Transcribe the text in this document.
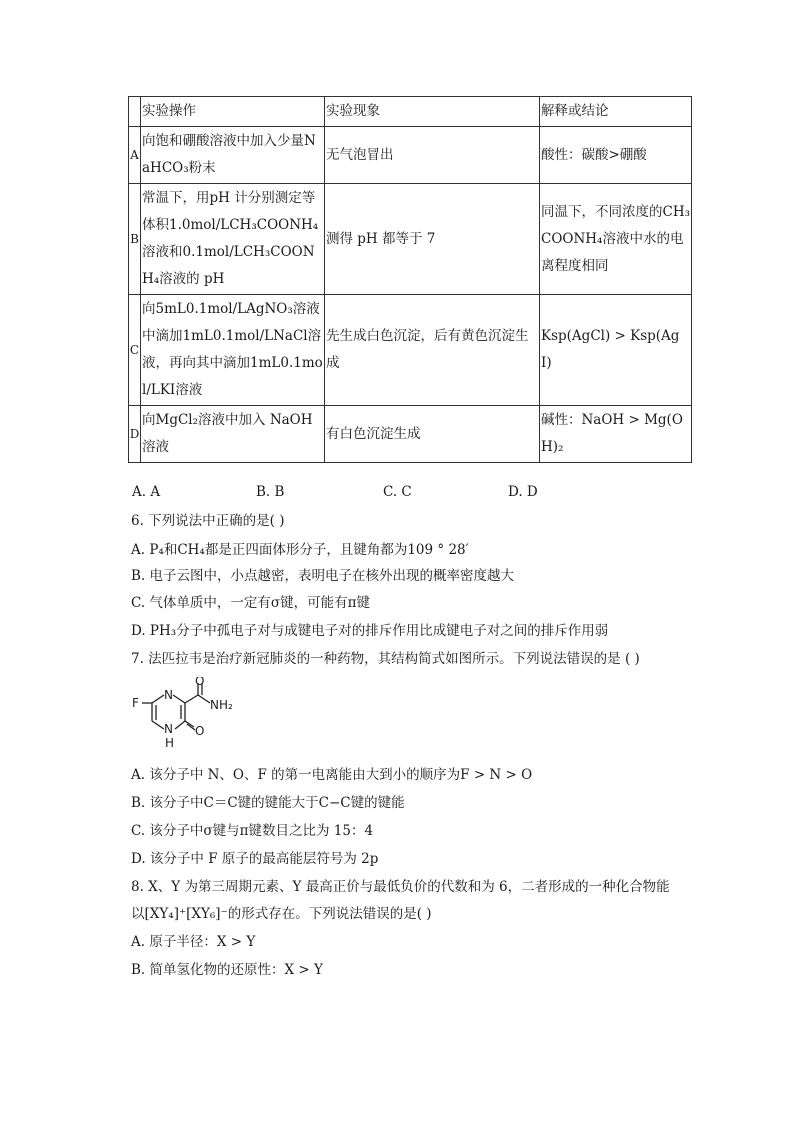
	实验操作	实验现象	解释或结论
A	向饱和硼酸溶液中加入少量NaHCO₃粉末	无气泡冒出	酸性：碳酸>硼酸
B	常温下，用pH 计分别测定等体积1.0mol/LCH₃COONH₄溶液和0.1mol/LCH₃COONH₄溶液的 pH	测得 pH 都等于 7	同温下，不同浓度的CH₃COONH₄溶液中水的电离程度相同
C	向5mL0.1mol/LAgNO₃溶液中滴加1mL0.1mol/LNaCl溶液，再向其中滴加1mL0.1mol/LKI溶液	先生成白色沉淀，后有黄色沉淀生成	Ksp(AgCl) > Ksp(AgI)
D	向MgCl₂溶液中加入 NaOH 溶液	有白色沉淀生成	碱性：NaOH > Mg(OH)₂
A. A	B. B	C. C	D. D
6. 下列说法中正确的是( )
A. P₄和CH₄都是正四面体形分子，且键角都为109 ° 28′
B. 电子云图中，小点越密，表明电子在核外出现的概率密度越大
C. 气体单质中，一定有σ键，可能有π键
D. PH₃分子中孤电子对与成键电子对的排斥作用比成键电子对之间的排斥作用弱
7. 法匹拉韦是治疗新冠肺炎的一种药物，其结构简式如图所示。下列说法错误的是 ( )
F
N
N
H
O
NH₂
O
A. 该分子中 N、O、F 的第一电离能由大到小的顺序为F > N > O
B. 该分子中C＝C键的键能大于C−C键的键能
C. 该分子中σ键与π键数目之比为 15：4
D. 该分子中 F 原子的最高能层符号为 2p
8. X、Y 为第三周期元素、Y 最高正价与最低负价的代数和为 6，二者形成的一种化合物能
以[XY₄]⁺[XY₆]⁻的形式存在。下列说法错误的是( )
A. 原子半径：X > Y
B. 简单氢化物的还原性：X > Y
